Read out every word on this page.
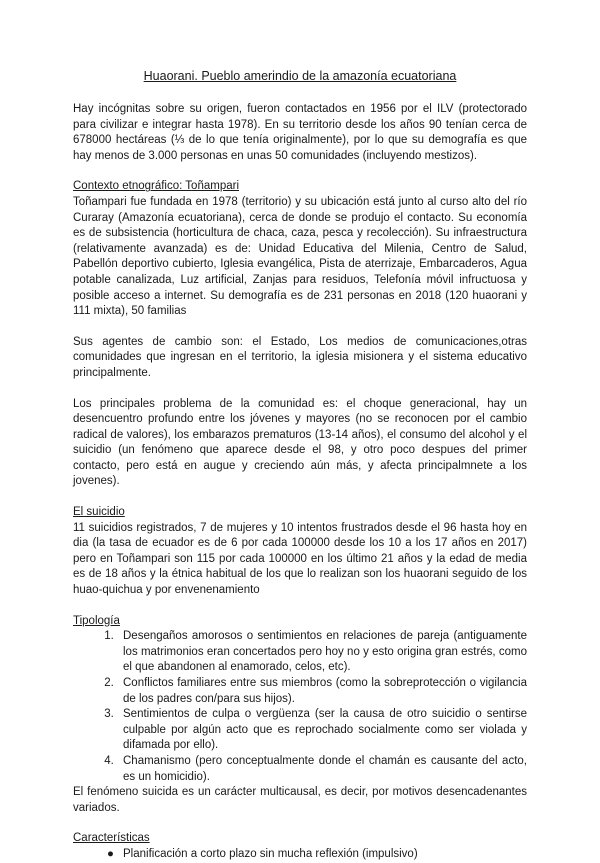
Huaorani. Pueblo amerindio de la amazonía ecuatoriana

Hay incógnitas sobre su origen, fueron contactados en 1956 por el ILV (protectorado para civilizar e integrar hasta 1978). En su territorio desde los años 90 tenían cerca de 678000 hectáreas (⅓ de lo que tenía originalmente), por lo que su demografía es que hay menos de 3.000 personas en unas 50 comunidades (incluyendo mestizos).

Contexto etnográfico: Toñampari

Toñampari fue fundada en 1978 (territorio) y su ubicación está junto al curso alto del río Curaray (Amazonía ecuatoriana), cerca de donde se produjo el contacto. Su economía es de subsistencia (horticultura de chaca, caza, pesca y recolección). Su infraestructura (relativamente avanzada) es de: Unidad Educativa del Milenia, Centro de Salud, Pabellón deportivo cubierto, Iglesia evangélica, Pista de aterrizaje, Embarcaderos, Agua potable canalizada, Luz artificial, Zanjas para residuos, Telefonía móvil infructuosa y posible acceso a internet. Su demografía es de 231 personas en 2018 (120 huaorani y 111 mixta), 50 familias

Sus agentes de cambio son: el Estado, Los medios de comunicaciones,otras comunidades que ingresan en el territorio, la iglesia misionera y el sistema educativo principalmente.

Los principales problema de la comunidad es: el choque generacional, hay un desencuentro profundo entre los jóvenes y mayores (no se reconocen por el cambio radical de valores), los embarazos prematuros (13-14 años), el consumo del alcohol y el suicidio (un fenómeno que aparece desde el 98, y otro poco despues del primer contacto, pero está en augue y creciendo aún más, y afecta principalmnete a los jovenes).

El suicidio

11 suicidios registrados, 7 de mujeres y 10 intentos frustrados desde el 96 hasta hoy en dia (la tasa de ecuador es de 6 por cada 100000 desde los 10 a los 17 años en 2017) pero en Toñampari son 115 por cada 100000 en los último 21 años y la edad de media es de 18 años y la étnica habitual de los que lo realizan son los huaorani seguido de los huao-quichua y por envenenamiento

Tipología
1. Desengaños amorosos o sentimientos en relaciones de pareja (antiguamente los matrimonios eran concertados pero hoy no y esto origina gran estrés, como el que abandonen al enamorado, celos, etc).
2. Conflictos familiares entre sus miembros (como la sobreprotección o vigilancia de los padres con/para sus hijos).
3. Sentimientos de culpa o vergüenza (ser la causa de otro suicidio o sentirse culpable por algún acto que es reprochado socialmente como ser violada y difamada por ello).
4. Chamanismo (pero conceptualmente donde el chamán es causante del acto, es un homicidio).

El fenómeno suicida es un carácter multicausal, es decir, por motivos desencadenantes variados.

Características
● Planificación a corto plazo sin mucha reflexión (impulsivo)
